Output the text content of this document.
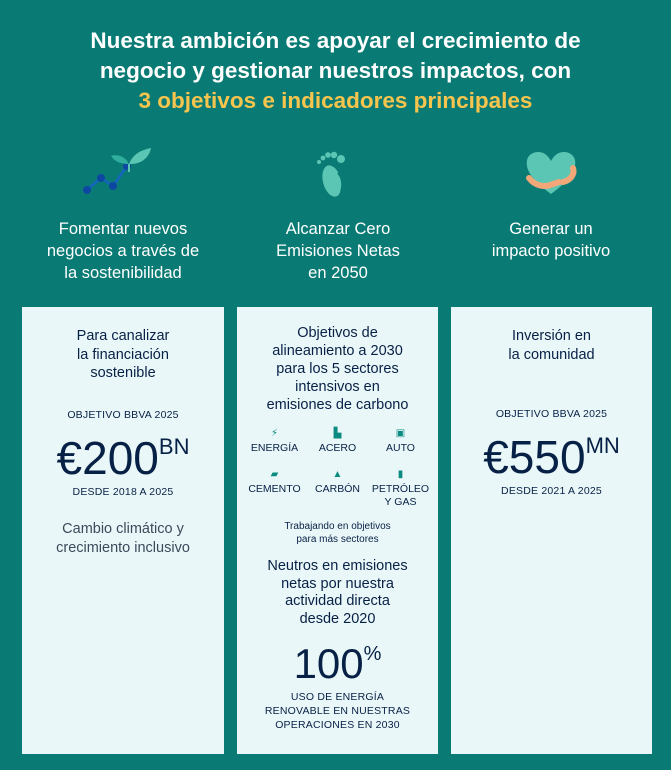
Nuestra ambición es apoyar el crecimiento de
negocio y gestionar nuestros impactos, con
3 objetivos e indicadores principales
Fomentar nuevos
negocios a través de
la sostenibilidad
Alcanzar Cero
Emisiones Netas
en 2050
Generar un
impacto positivo
Para canalizar
la financiación
sostenible
OBJETIVO BBVA 2025
$€200^{BN}$
DESDE 2018 A 2025
Cambio climático y
crecimiento inclusivo
Objetivos de
alineamiento a 2030
para los 5 sectores
intensivos en
emisiones de carbono
⚡
ENERGÍA
▙
ACERO
▣
AUTO
▰
CEMENTO
▲
CARBÓN
▮
PETRÓLEO
Y GAS
Trabajando en objetivos
para más sectores
Neutros en emisiones
netas por nuestra
actividad directa
desde 2020
100%
USO DE ENERGÍA
RENOVABLE EN NUESTRAS
OPERACIONES EN 2030
Inversión en
la comunidad
OBJETIVO BBVA 2025
$€550^{MN}$
DESDE 2021 A 2025
